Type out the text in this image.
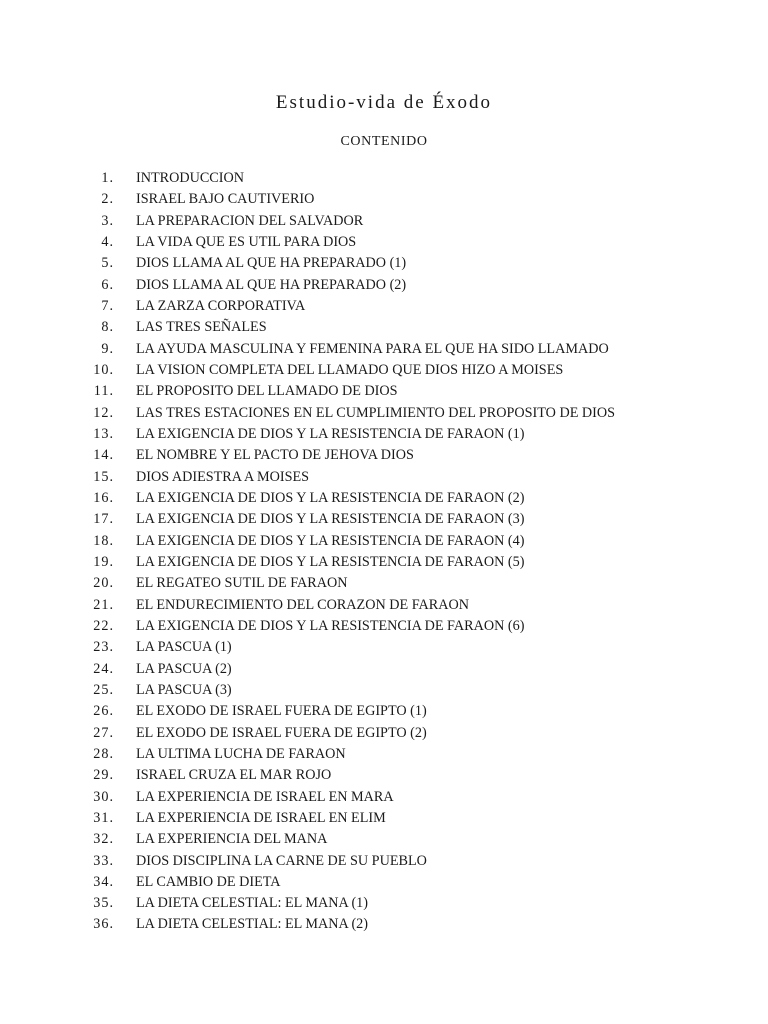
Estudio-vida de Éxodo
CONTENIDO
1. INTRODUCCION
2. ISRAEL BAJO CAUTIVERIO
3. LA PREPARACION DEL SALVADOR
4. LA VIDA QUE ES UTIL PARA DIOS
5. DIOS LLAMA AL QUE HA PREPARADO (1)
6. DIOS LLAMA AL QUE HA PREPARADO (2)
7. LA ZARZA CORPORATIVA
8. LAS TRES SEÑALES
9. LA AYUDA MASCULINA Y FEMENINA PARA EL QUE HA SIDO LLAMADO
10. LA VISION COMPLETA DEL LLAMADO QUE DIOS HIZO A MOISES
11. EL PROPOSITO DEL LLAMADO DE DIOS
12. LAS TRES ESTACIONES EN EL CUMPLIMIENTO DEL PROPOSITO DE DIOS
13. LA EXIGENCIA DE DIOS Y LA RESISTENCIA DE FARAON (1)
14. EL NOMBRE Y EL PACTO DE JEHOVA DIOS
15. DIOS ADIESTRA A MOISES
16. LA EXIGENCIA DE DIOS Y LA RESISTENCIA DE FARAON (2)
17. LA EXIGENCIA DE DIOS Y LA RESISTENCIA DE FARAON (3)
18. LA EXIGENCIA DE DIOS Y LA RESISTENCIA DE FARAON (4)
19. LA EXIGENCIA DE DIOS Y LA RESISTENCIA DE FARAON (5)
20. EL REGATEO SUTIL DE FARAON
21. EL ENDURECIMIENTO DEL CORAZON DE FARAON
22. LA EXIGENCIA DE DIOS Y LA RESISTENCIA DE FARAON (6)
23. LA PASCUA (1)
24. LA PASCUA (2)
25. LA PASCUA (3)
26. EL EXODO DE ISRAEL FUERA DE EGIPTO (1)
27. EL EXODO DE ISRAEL FUERA DE EGIPTO (2)
28. LA ULTIMA LUCHA DE FARAON
29. ISRAEL CRUZA EL MAR ROJO
30. LA EXPERIENCIA DE ISRAEL EN MARA
31. LA EXPERIENCIA DE ISRAEL EN ELIM
32. LA EXPERIENCIA DEL MANA
33. DIOS DISCIPLINA LA CARNE DE SU PUEBLO
34. EL CAMBIO DE DIETA
35. LA DIETA CELESTIAL: EL MANA (1)
36. LA DIETA CELESTIAL: EL MANA (2)
